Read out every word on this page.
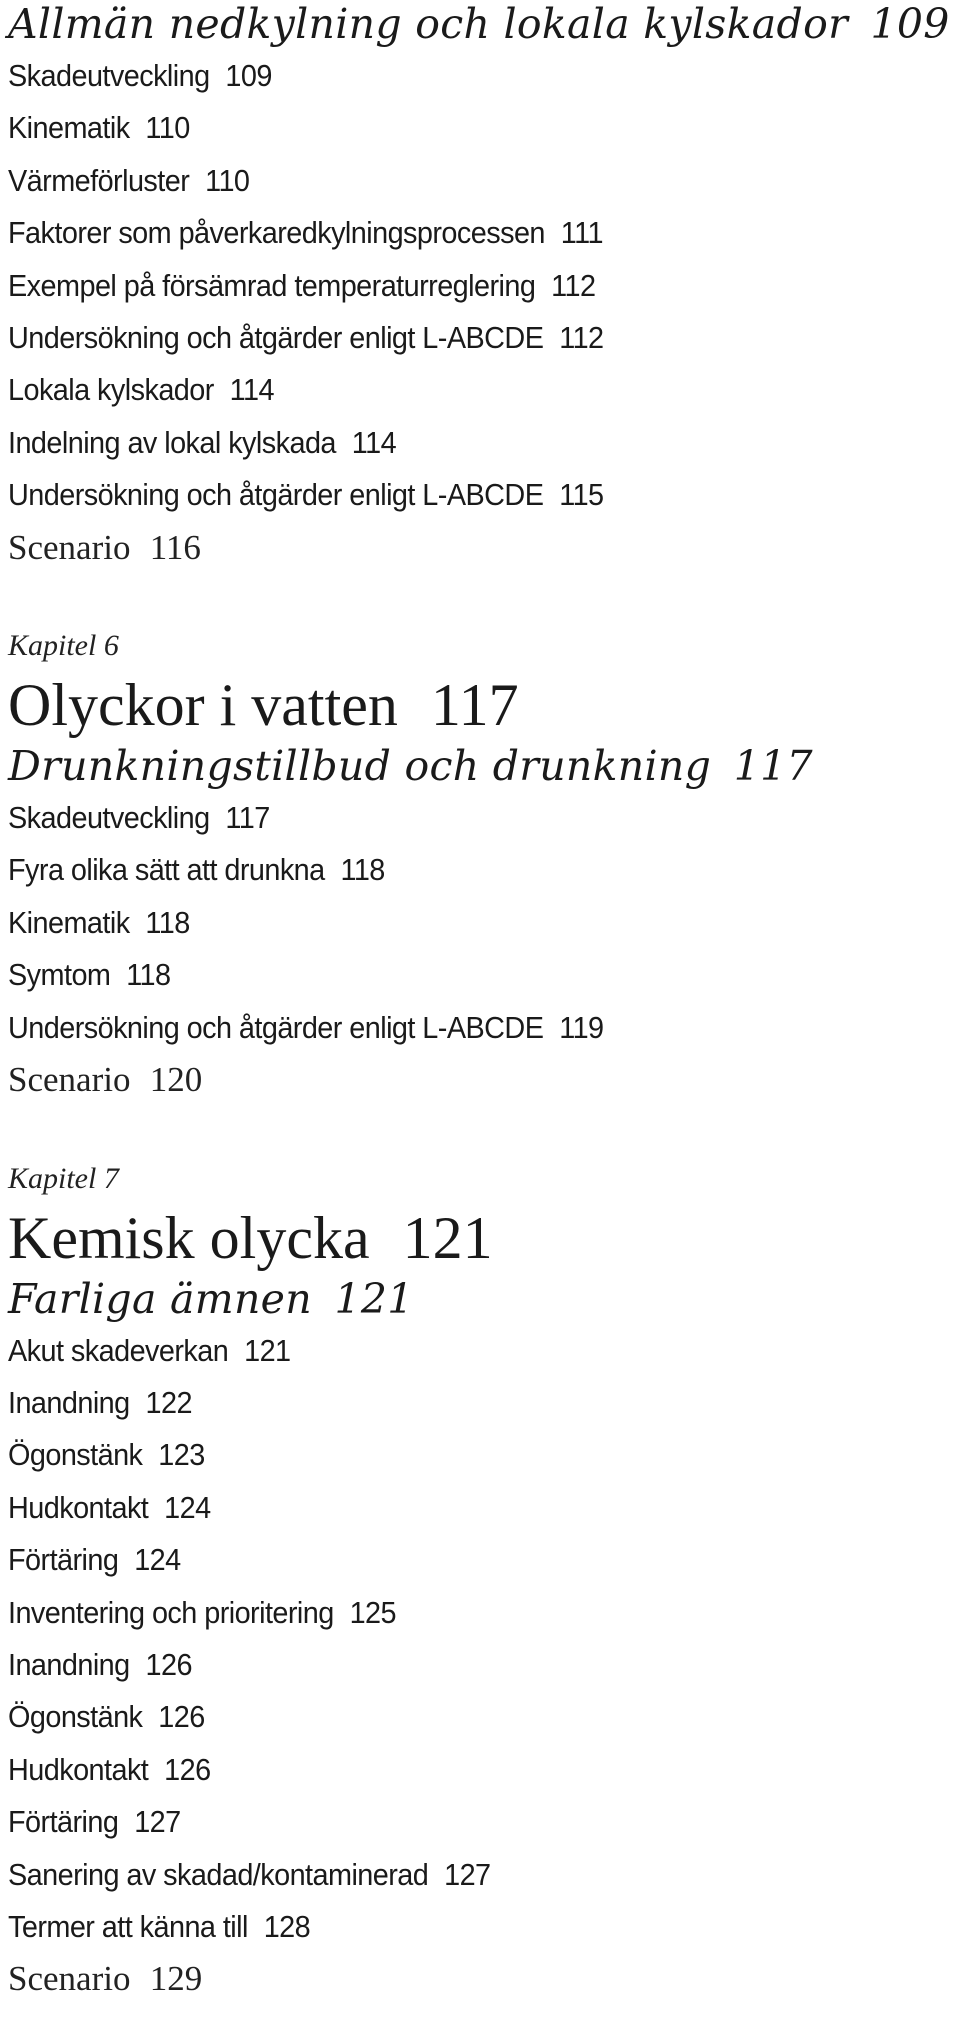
Allmän nedkylning och lokala kylskador 109
Skadeutveckling 109
Kinematik 110
Värmeförluster 110
Faktorer som påverkaredkylningsprocessen 111
Exempel på försämrad temperaturreglering 112
Undersökning och åtgärder enligt L-ABCDE 112
Lokala kylskador 114
Indelning av lokal kylskada 114
Undersökning och åtgärder enligt L-ABCDE 115
Scenario 116
Kapitel 6
Olyckor i vatten 117
Drunkningstillbud och drunkning 117
Skadeutveckling 117
Fyra olika sätt att drunkna 118
Kinematik 118
Symtom 118
Undersökning och åtgärder enligt L-ABCDE 119
Scenario 120
Kapitel 7
Kemisk olycka 121
Farliga ämnen 121
Akut skadeverkan 121
Inandning 122
Ögonstänk 123
Hudkontakt 124
Förtäring 124
Inventering och prioritering 125
Inandning 126
Ögonstänk 126
Hudkontakt 126
Förtäring 127
Sanering av skadad/kontaminerad 127
Termer att känna till 128
Scenario 129
